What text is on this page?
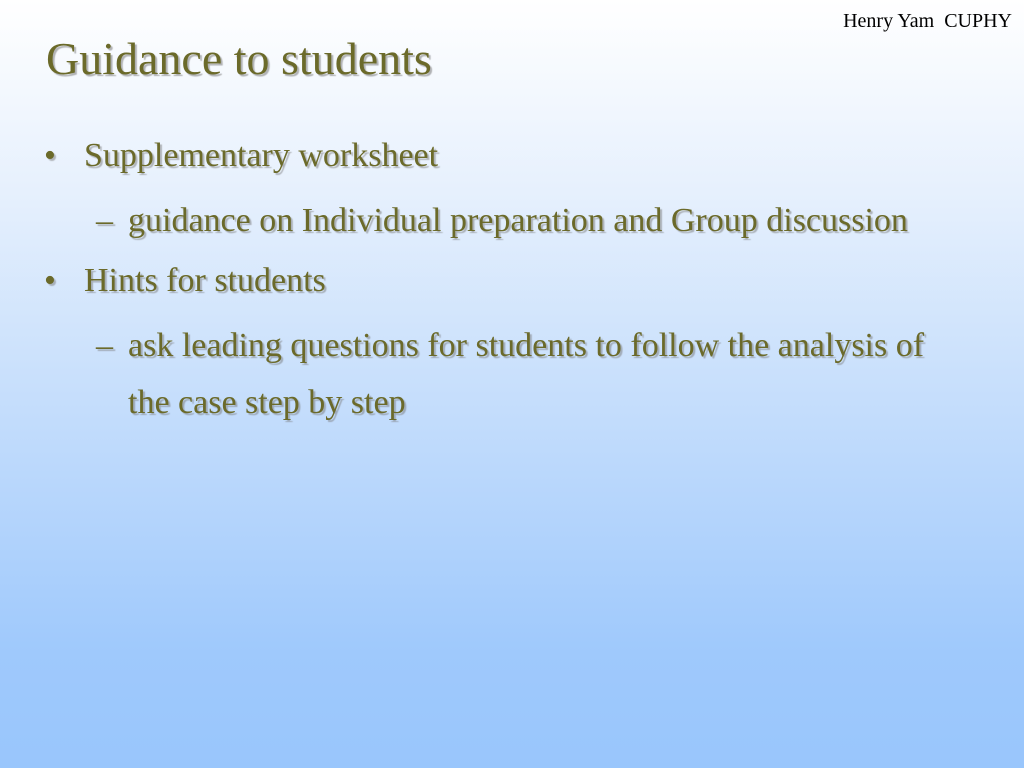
Henry Yam  CUPHY
Guidance to students
• Supplementary worksheet
– guidance on Individual preparation and Group discussion
• Hints for students
– ask leading questions for students to follow the analysis of the case step by step
